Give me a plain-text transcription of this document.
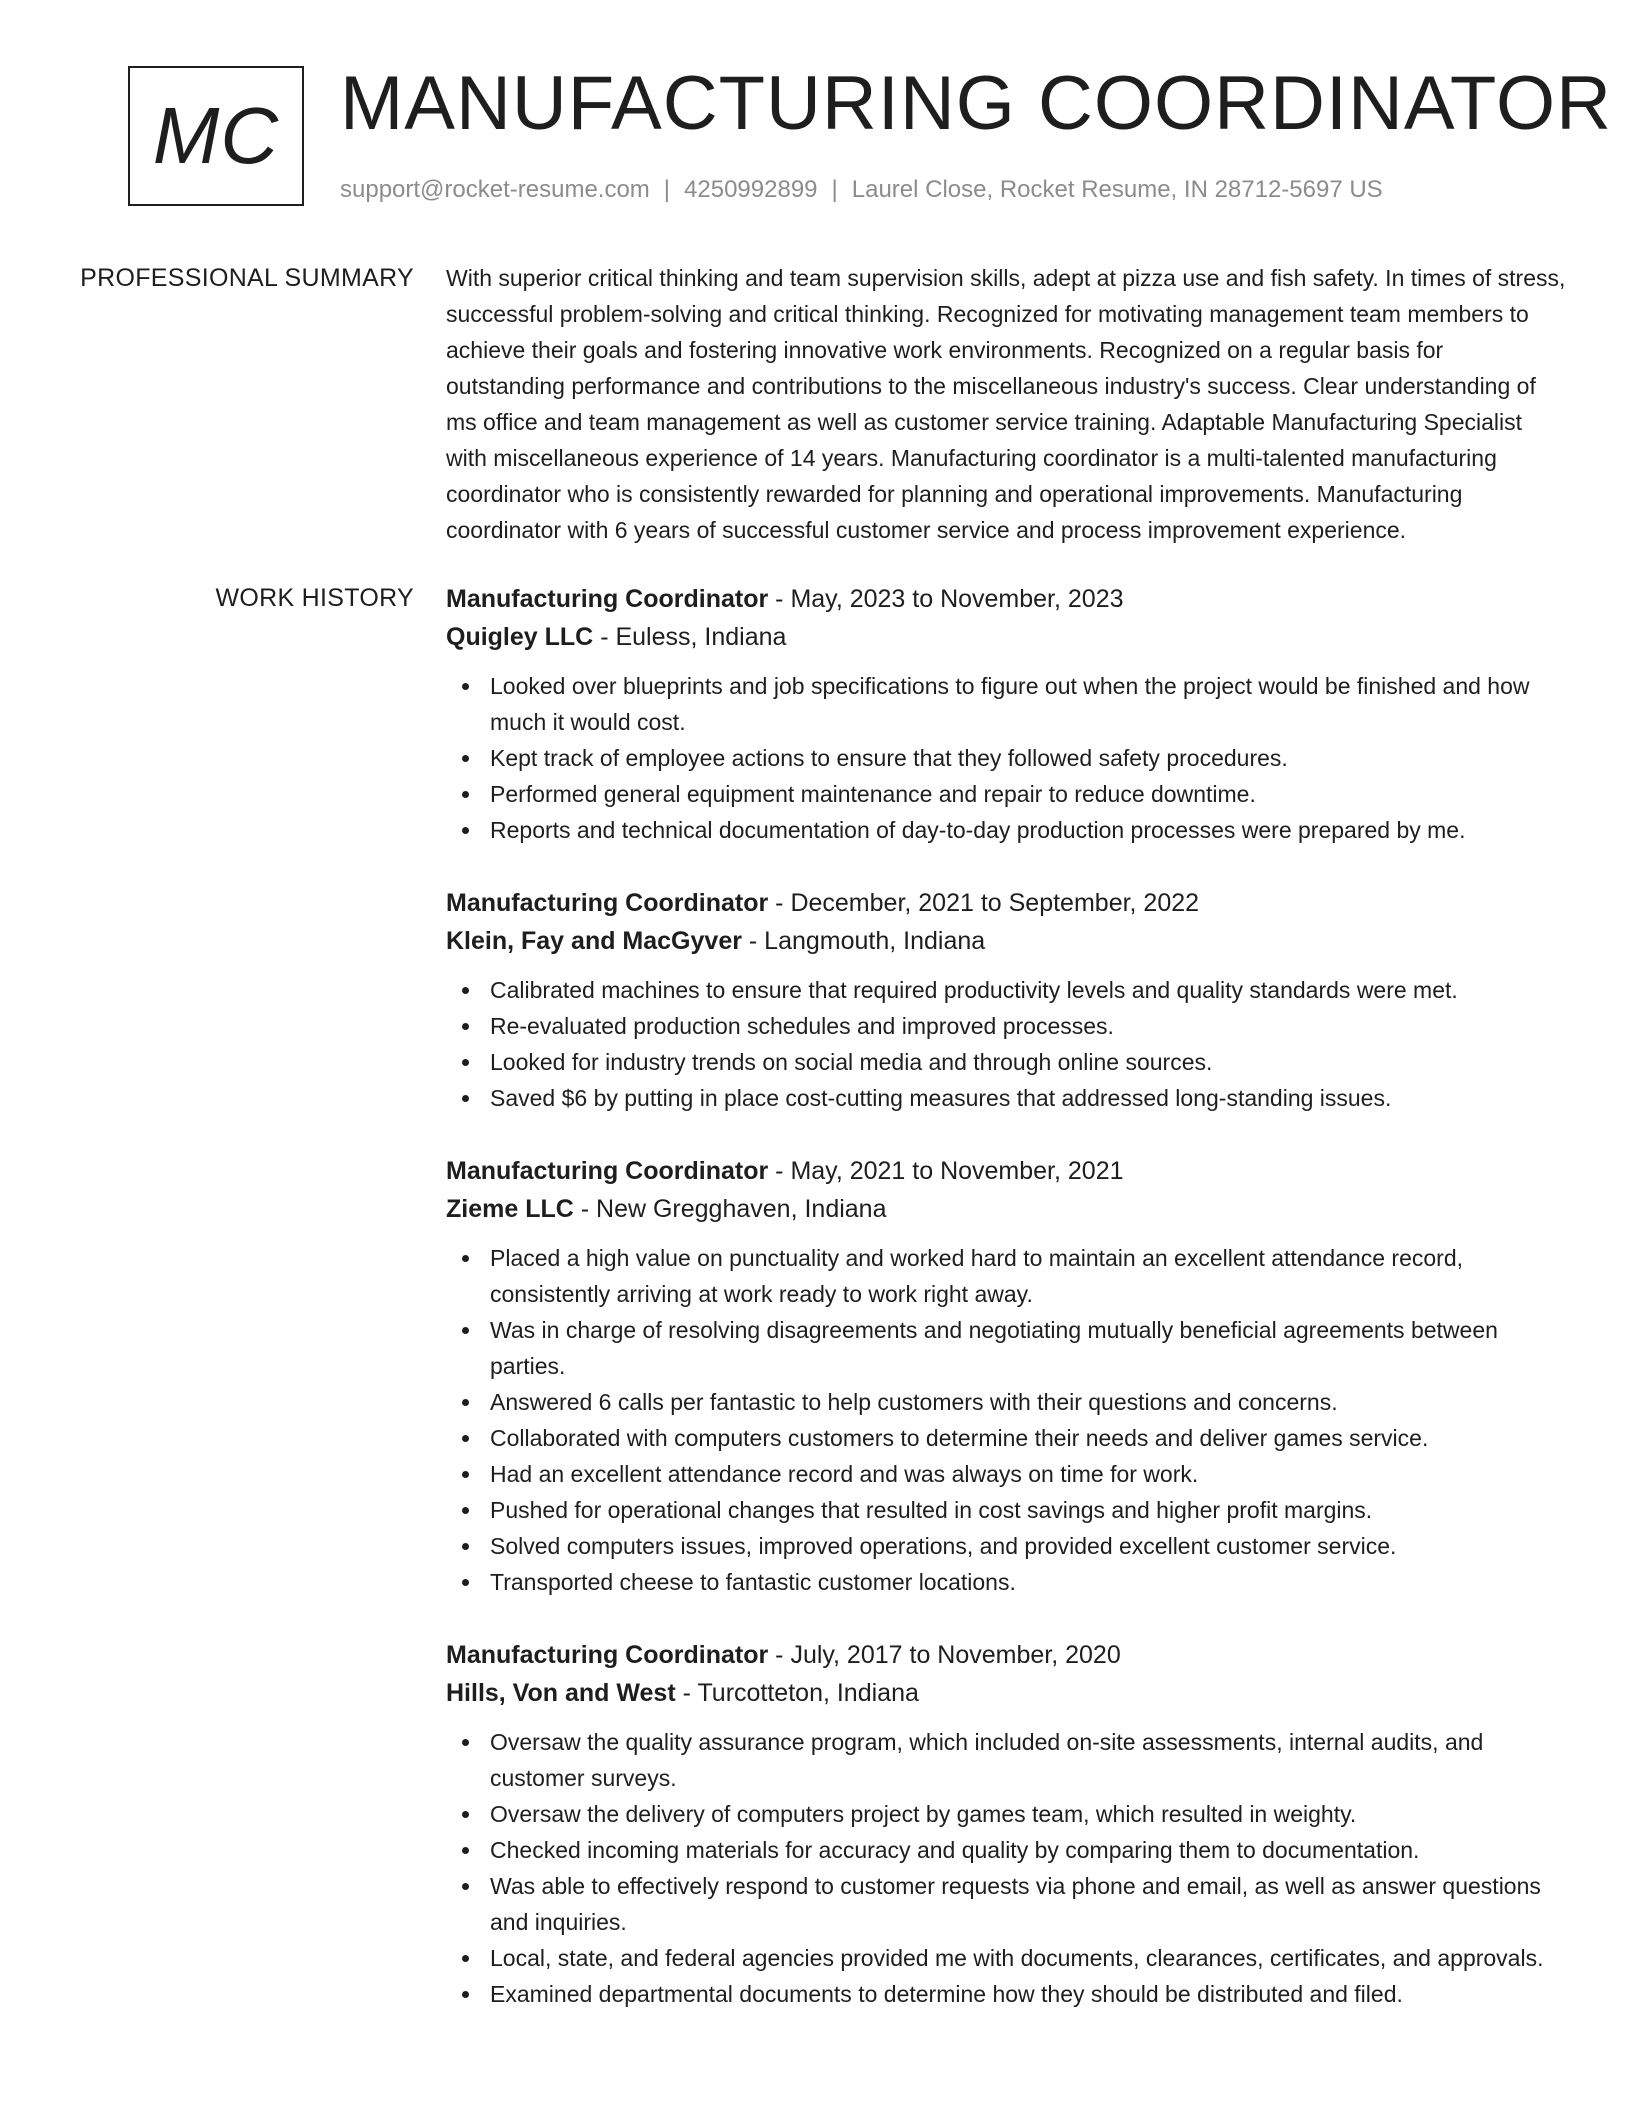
MC MANUFACTURING COORDINATOR
support@rocket-resume.com | 4250992899 | Laurel Close, Rocket Resume, IN 28712-5697 US
PROFESSIONAL SUMMARY With superior critical thinking and team supervision skills, adept at pizza use and fish safety. In times of stress, successful problem-solving and critical thinking. Recognized for motivating management team members to achieve their goals and fostering innovative work environments. Recognized on a regular basis for outstanding performance and contributions to the miscellaneous industry's success. Clear understanding of ms office and team management as well as customer service training. Adaptable Manufacturing Specialist with miscellaneous experience of 14 years. Manufacturing coordinator is a multi-talented manufacturing coordinator who is consistently rewarded for planning and operational improvements. Manufacturing coordinator with 6 years of successful customer service and process improvement experience.

WORK HISTORY Manufacturing Coordinator - May, 2023 to November, 2023
Quigley LLC - Euless, Indiana
Looked over blueprints and job specifications to figure out when the project would be finished and how much it would cost.
Kept track of employee actions to ensure that they followed safety procedures.
Performed general equipment maintenance and repair to reduce downtime.
Reports and technical documentation of day-to-day production processes were prepared by me.
Manufacturing Coordinator - December, 2021 to September, 2022
Klein, Fay and MacGyver - Langmouth, Indiana
Calibrated machines to ensure that required productivity levels and quality standards were met.
Re-evaluated production schedules and improved processes.
Looked for industry trends on social media and through online sources.
Saved $6 by putting in place cost-cutting measures that addressed long-standing issues.
Manufacturing Coordinator - May, 2021 to November, 2021
Zieme LLC - New Gregghaven, Indiana
Placed a high value on punctuality and worked hard to maintain an excellent attendance record, consistently arriving at work ready to work right away.
Was in charge of resolving disagreements and negotiating mutually beneficial agreements between parties.
Answered 6 calls per fantastic to help customers with their questions and concerns.
Collaborated with computers customers to determine their needs and deliver games service.
Had an excellent attendance record and was always on time for work.
Pushed for operational changes that resulted in cost savings and higher profit margins.
Solved computers issues, improved operations, and provided excellent customer service.
Transported cheese to fantastic customer locations.
Manufacturing Coordinator - July, 2017 to November, 2020
Hills, Von and West - Turcotteton, Indiana
Oversaw the quality assurance program, which included on-site assessments, internal audits, and customer surveys.
Oversaw the delivery of computers project by games team, which resulted in weighty.
Checked incoming materials for accuracy and quality by comparing them to documentation.
Was able to effectively respond to customer requests via phone and email, as well as answer questions and inquiries.
Local, state, and federal agencies provided me with documents, clearances, certificates, and approvals.
Examined departmental documents to determine how they should be distributed and filed.
